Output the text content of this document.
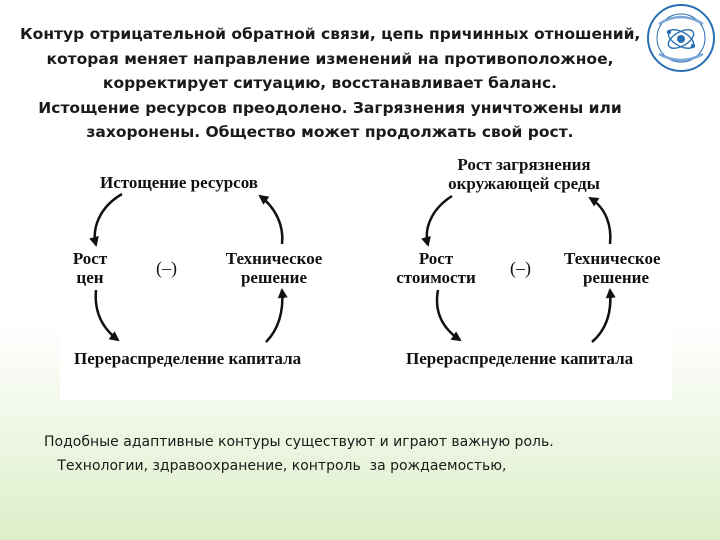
Контур отрицательной обратной связи, цепь причинных отношений,
которая меняет направление изменений на противоположное,
корректирует ситуацию, восстанавливает баланс.
Истощение ресурсов преодолено. Загрязнения уничтожены или
захоронены. Общество может продолжать свой рост.
Истощение ресурсов
Рост
цен	(–)	Техническое
решение
Перераспределение капитала
Рост загрязнения
окружающей среды
Рост
стоимости	(–) Техническое
решение
Перераспределение капитала
Подобные адаптивные контуры существуют и играют важную роль.
Технологии, здравоохранение, контроль  за рождаемостью,
